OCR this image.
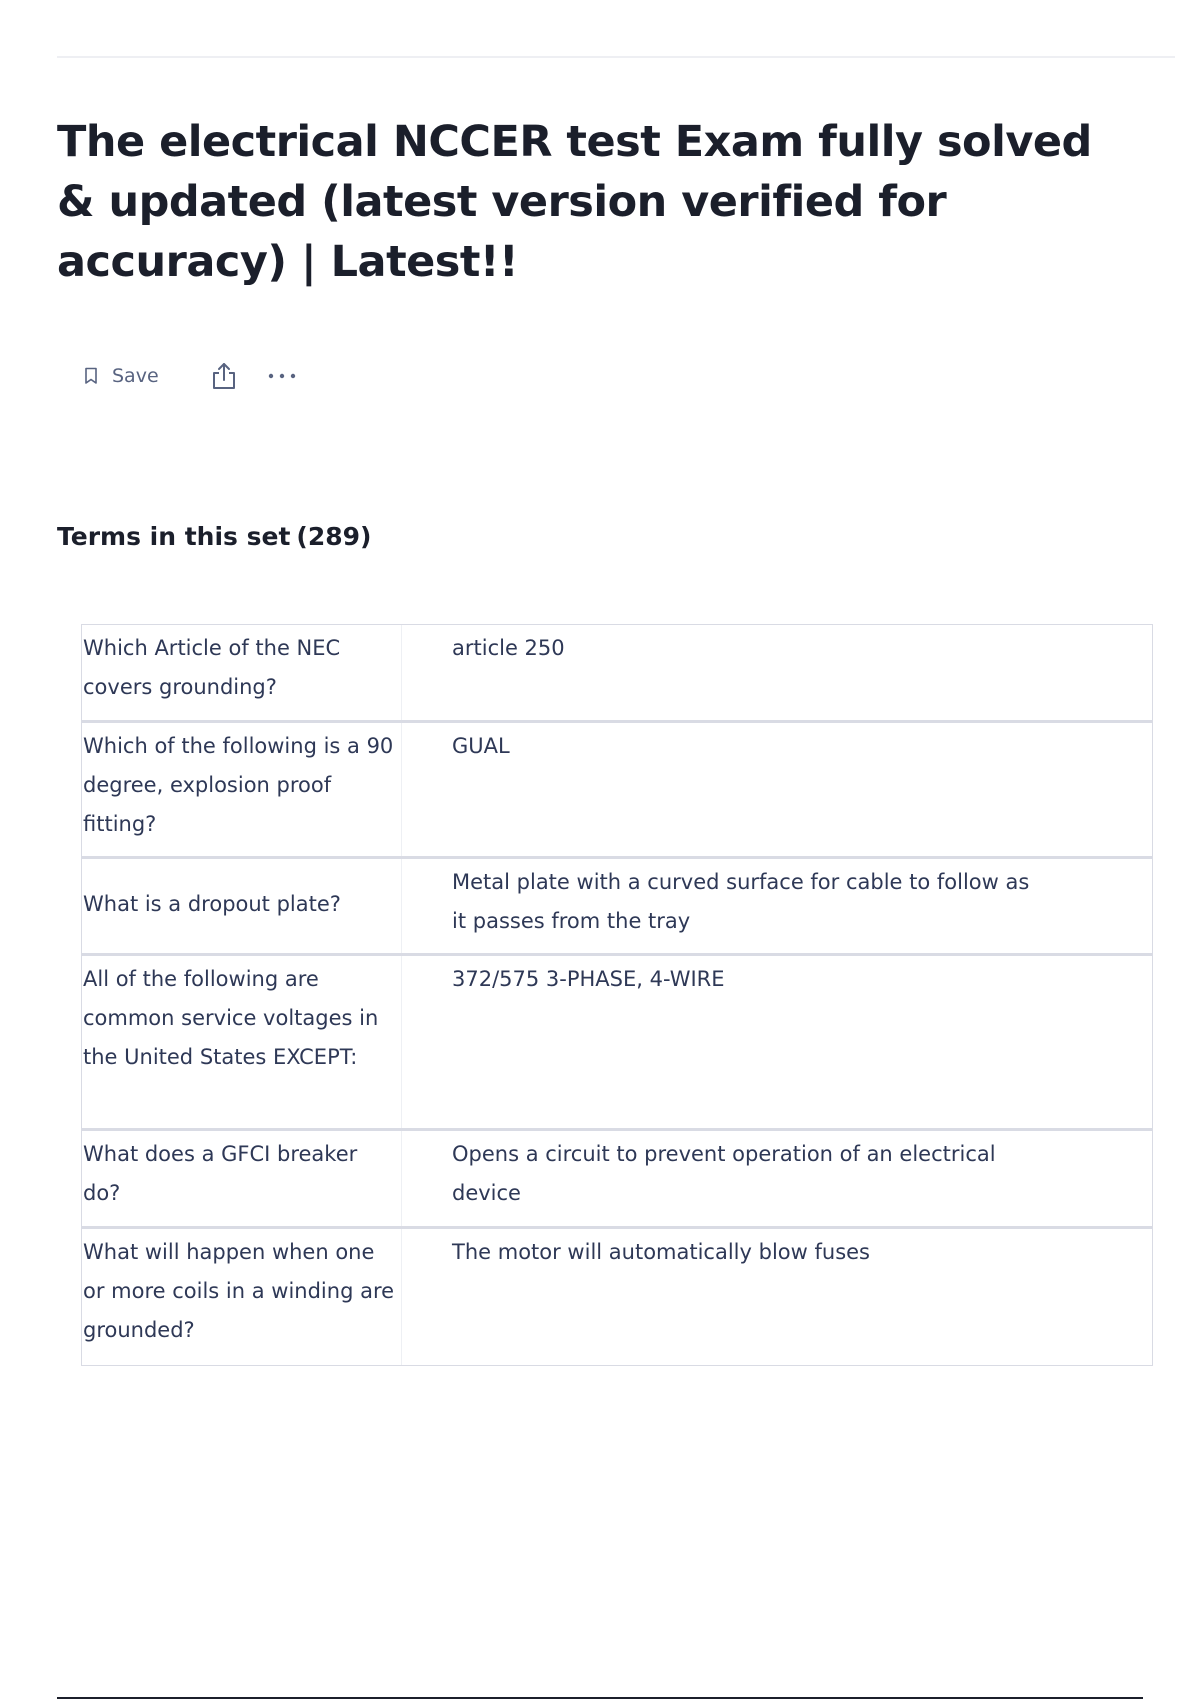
The electrical NCCER test Exam fully solved & updated (latest version verified for accuracy) | Latest!!
Save
Terms in this set (289)
Which Article of the NEC covers grounding?
article 250
Which of the following is a 90 degree, explosion proof fitting?
GUAL
What is a dropout plate?
Metal plate with a curved surface for cable to follow as it passes from the tray
All of the following are common service voltages in the United States EXCEPT:
372/575 3-PHASE, 4-WIRE
What does a GFCI breaker do?
Opens a circuit to prevent operation of an electrical device
What will happen when one or more coils in a winding are grounded?
The motor will automatically blow fuses
